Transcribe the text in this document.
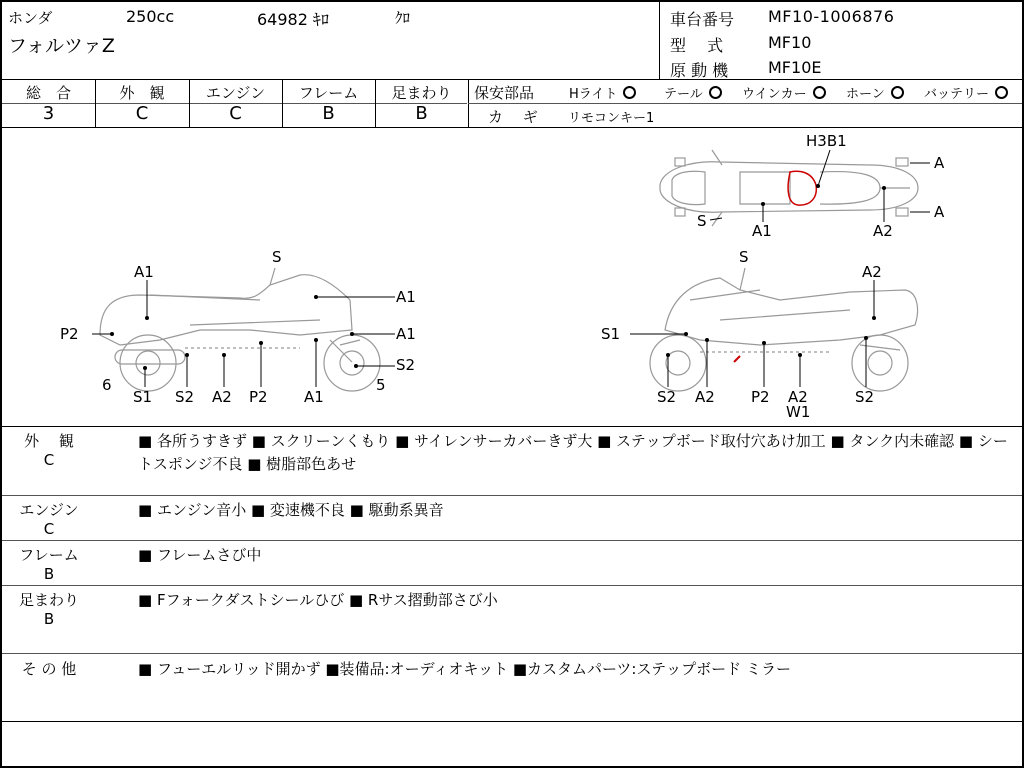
ホンダ	250cc	64982 ｷﾛ	ｸﾛ
フォルツァZ
車台番号 MF10-1006876
型　 式	MF10
原 動 機 MF10E
総　合	外　観	エンジン	フレーム	足まわり
3	C	C	B	B
保安部品	Hライト	テール	ウインカー	ホーン	バッテリー
カ　 ギ リモコンキー1
外　 観
C
■ 各所うすきず ■ スクリーンくもり ■ サイレンサーカバーきず大 ■ ステップボード取付穴あけ加工 ■ タンク内未確認 ■ シートスポンジ不良 ■ 樹脂部色あせ
エンジン
C
■ エンジン音小 ■ 変速機不良 ■ 駆動系異音
フレーム
B
■ フレームさび中
足まわり
B
■ Fフォークダストシールひび ■ Rサス摺動部さび小
そ の 他	■ フューエルリッド開かず ■装備品:オーディオキット ■カスタムパーツ:ステップボード ミラー
H3B1
A
A
S
A1	A2
S
A1
A1
A1
P2
S2
6	5
S1 S2 A2 P2 A1
S
A2
S1
S2 A2 P2 A2
W1
S2
